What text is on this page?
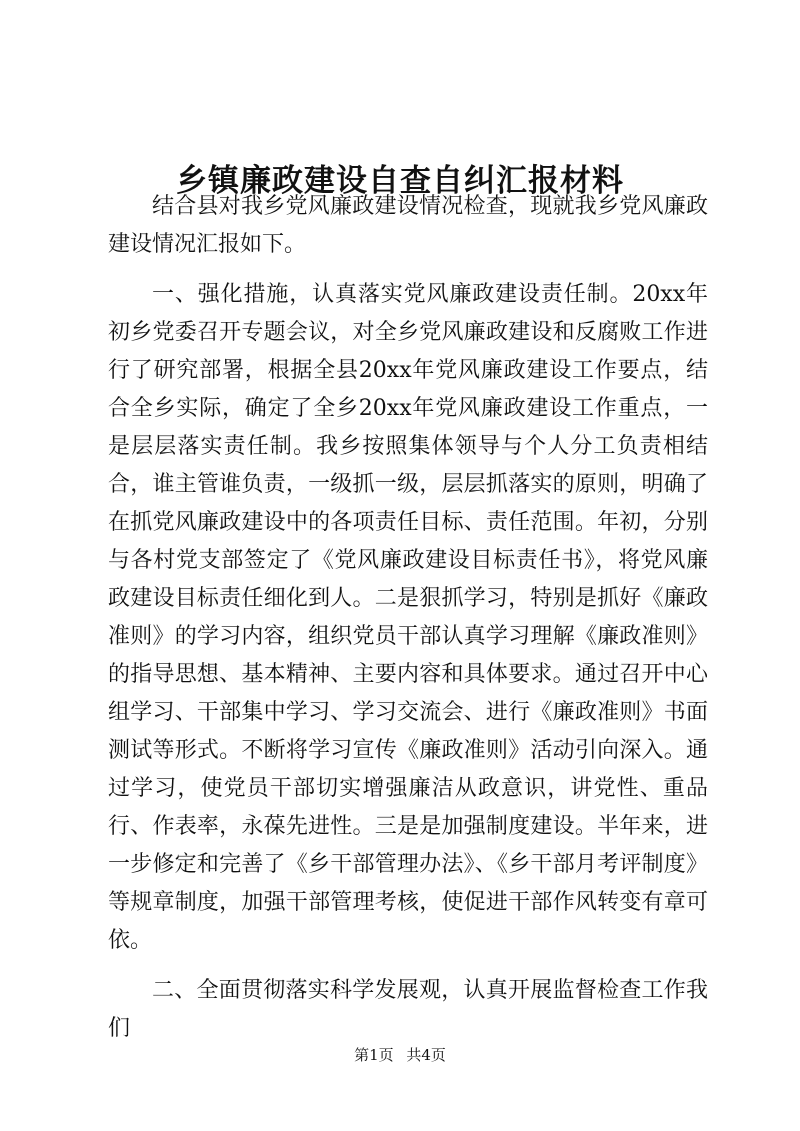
乡镇廉政建设自查自纠汇报材料

结合县对我乡党风廉政建设情况检查，现就我乡党风廉政建设情况汇报如下。

一、强化措施，认真落实党风廉政建设责任制。20xx年初乡党委召开专题会议，对全乡党风廉政建设和反腐败工作进行了研究部署，根据全县20xx年党风廉政建设工作要点，结合全乡实际，确定了全乡20xx年党风廉政建设工作重点，一是层层落实责任制。我乡按照集体领导与个人分工负责相结合，谁主管谁负责，一级抓一级，层层抓落实的原则，明确了在抓党风廉政建设中的各项责任目标、责任范围。年初，分别与各村党支部签定了《党风廉政建设目标责任书》，将党风廉政建设目标责任细化到人。二是狠抓学习，特别是抓好《廉政准则》的学习内容，组织党员干部认真学习理解《廉政准则》的指导思想、基本精神、主要内容和具体要求。通过召开中心组学习、干部集中学习、学习交流会、进行《廉政准则》书面测试等形式。不断将学习宣传《廉政准则》活动引向深入。通过学习，使党员干部切实增强廉洁从政意识，讲党性、重品行、作表率，永葆先进性。三是是加强制度建设。半年来，进一步修定和完善了《乡干部管理办法》、《乡干部月考评制度》等规章制度，加强干部管理考核，使促进干部作风转变有章可依。

二、全面贯彻落实科学发展观，认真开展监督检查工作我们

第1页 共4页
